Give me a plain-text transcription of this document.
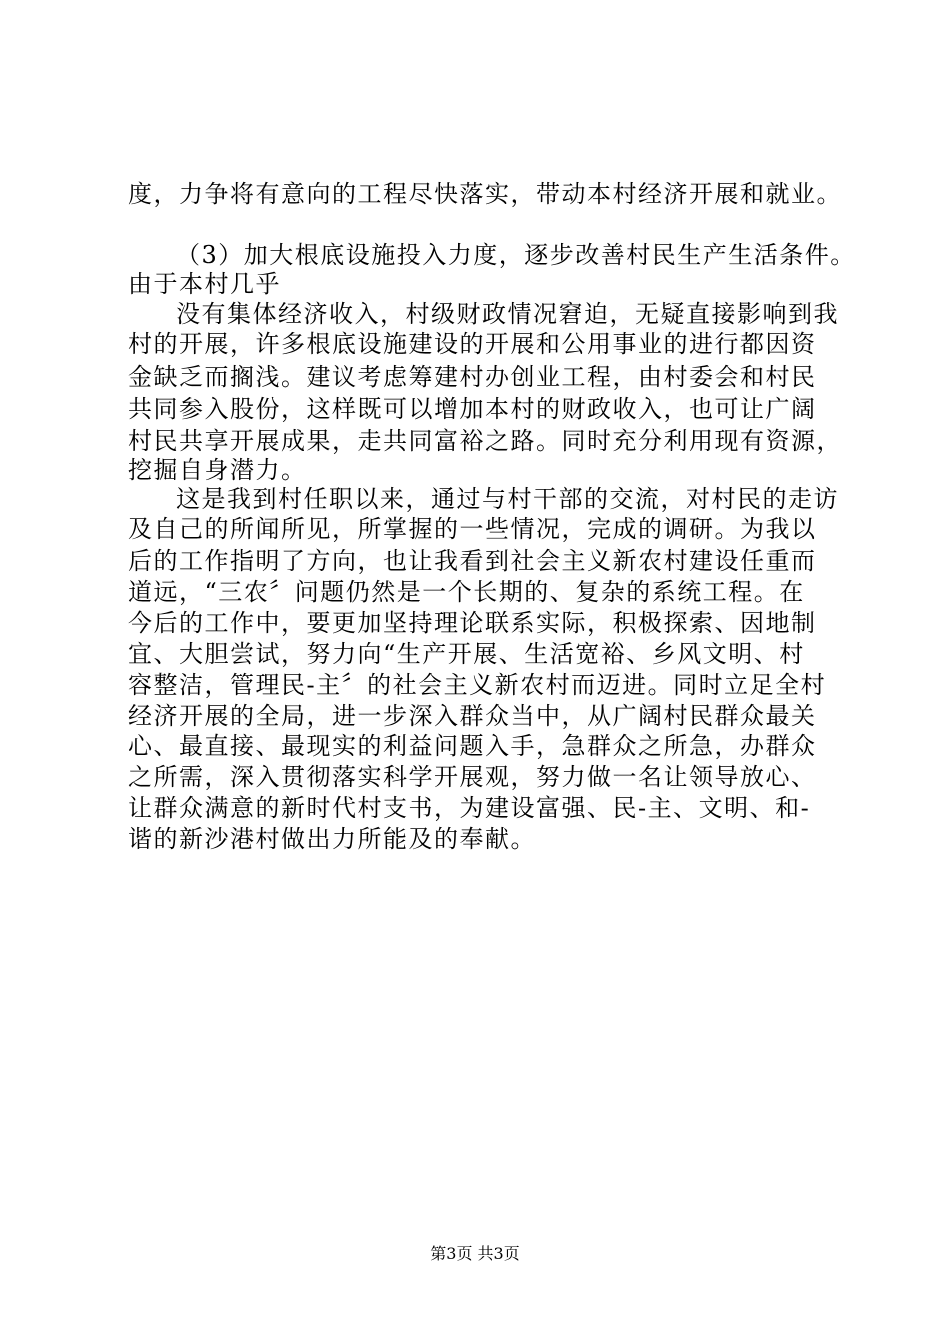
度，力争将有意向的工程尽快落实，带动本村经济开展和就业。

（3）加大根底设施投入力度，逐步改善村民生产生活条件。

由于本村几乎

没有集体经济收入，村级财政情况窘迫，无疑直接影响到我

村的开展，许多根底设施建设的开展和公用事业的进行都因资

金缺乏而搁浅。建议考虑筹建村办创业工程，由村委会和村民

共同参入股份，这样既可以增加本村的财政收入，也可让广阔

村民共享开展成果，走共同富裕之路。同时充分利用现有资源，

挖掘自身潜力。

这是我到村任职以来，通过与村干部的交流，对村民的走访

及自己的所闻所见，所掌握的一些情况，完成的调研。为我以

后的工作指明了方向，也让我看到社会主义新农村建设任重而

道远，“三农〞问题仍然是一个长期的、复杂的系统工程。在

今后的工作中，要更加坚持理论联系实际，积极探索、因地制

宜、大胆尝试，努力向“生产开展、生活宽裕、乡风文明、村

容整洁，管理民-主〞的社会主义新农村而迈进。同时立足全村

经济开展的全局，进一步深入群众当中，从广阔村民群众最关

心、最直接、最现实的利益问题入手，急群众之所急，办群众

之所需，深入贯彻落实科学开展观，努力做一名让领导放心、

让群众满意的新时代村支书，为建设富强、民-主、文明、和-

谐的新沙港村做出力所能及的奉献。

第3页 共3页
